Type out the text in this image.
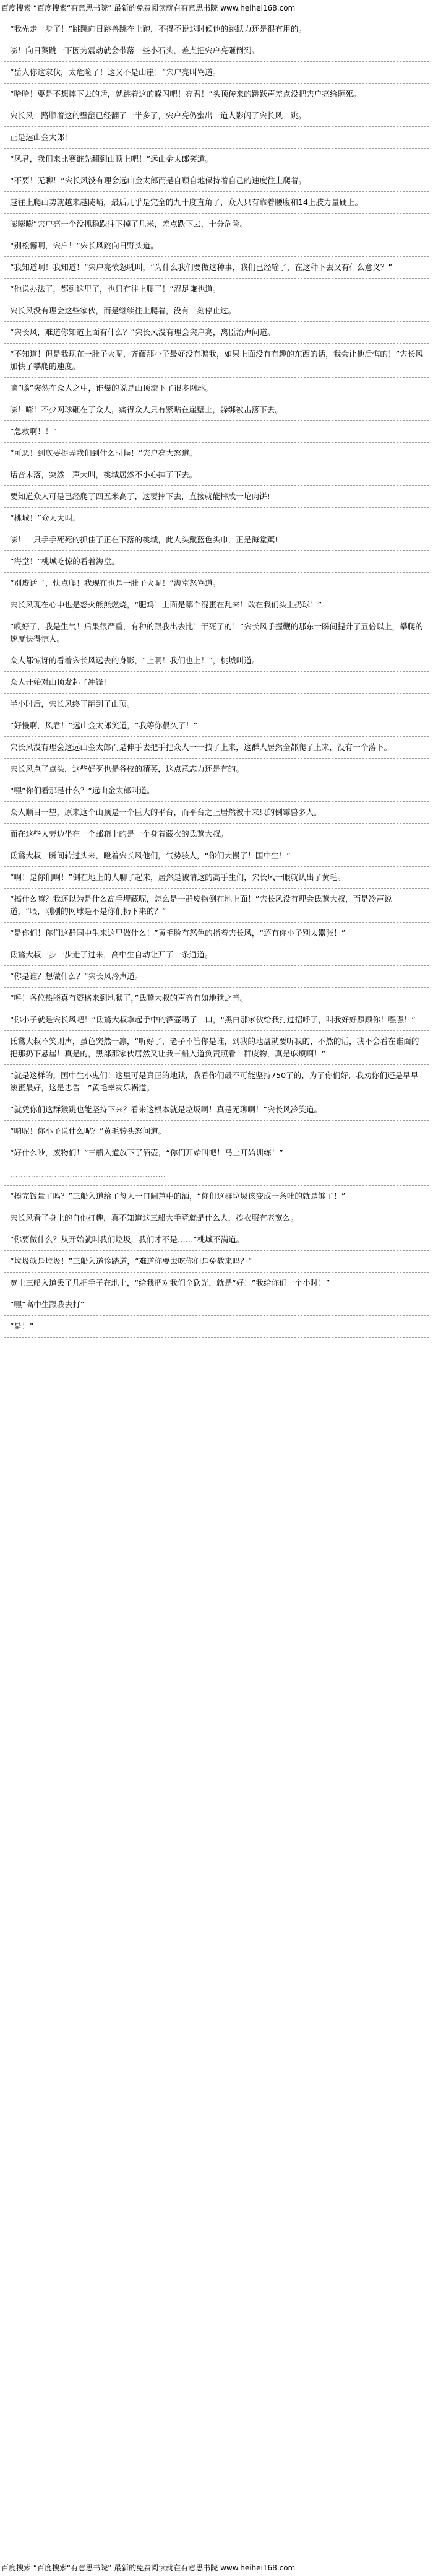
百度搜索 “百度搜索“有意思书院” 最新的免费阅读就在有意思书院 www.heihei168.com
“我先走一步了！”跳跳向日跳兽跳在上跑，不得不说这时候他的跳跃力还是很有用的。
嘭！向日葵跳一下因为震动就会带落一些小石头，差点把宍户亮砸倒到。
“岳人你这家伙，太危险了！这又不是山崖！”宍户亮叫骂道。
“哈哈！要是不想摔下去的话，就跳着这的躲闪吧！亮君！”头顶传来的跳跃声差点没把宍户亮给砸死。
宍长风一路顺着这的壁翻已经翻了一半多了，宍户亮仍蜜出一道人影闪了宍长风一跳。
正是远山金太郎!
“风君，我们来比赛谁先翻到山顶上吧！”远山金太郎笑道。
“不要！无聊！”宍长风没有理会远山金太郎而是自顾自地保持着自己的速度往上爬着。
越往上爬山势就越来越陡峭，最后几乎是完全的九十度直角了，众人只有靠着腰腹和14上肢力量硬上。
嘭嘭嘭”宍户亮一个没抓稳跌往下掉了几米，差点跌下去，十分危险。
“别松懈啊，宍户！”宍长风跳向日野头道。
“我知道啊！我知道！”宍户亮愤怒吼叫，“为什么我们要做这种事，我们已经输了，在这种下去又有什么意义？”
“他说办法了，都到这里了，也只有往上爬了！”忍足谦也道。
宍长风没有理会这些家伙，而是继续往上爬着，没有一刻停止过。
“宍长风，难道你知道上面有什么？”宍长风没有理会宍户亮，离臣治声问道。
“不知道！但是我现在一肚子火呢，齐藤那小子最好没有骗我，如果上面没有有趣的东西的话，我会让他后悔的！”宍长风加快了攀爬的速度。
嘀”嗡”突然在众人之中，谁爆的说是山顶滚下了很多网球。
嘭！嘭！不少网球砸在了众人，痛得众人只有紧贴在崖壁上，躲绑被击落下去。
“急救啊！！”
“可恶！到底要捉弄我们到什么时候！”宍户亮大怒道。
话音未落，突然一声大叫，桃城居然不小心掉了下去。
要知道众人可是已经爬了四五米高了，这要摔下去，直接就能摔成一坨肉饼!
“桃城！”众人大叫。
嘭！一只手手死死的抓住了正在下落的桃城，此人头戴蓝色头巾，正是海堂薰!
“海堂！”桃城吃惊的看着海堂。
“别废话了，快点爬！我现在也是一肚子火呢！”海堂怒骂道。
宍长风现在心中也是怒火熊熊燃烧，“肥鸡！上面是哪个混蛋在乱来！敢在我们头上扔球！”
“哎好了，我是生气！后果很严重，有种的跟我出去比！干死了的！”宍长风手握鞭的那东一瞬间提升了五倍以上，攀爬的速度快得惊人。
众人都惊讶的看着宍长风远去的身影，“上啊！我们也上！”，桃城叫道。
众人开始对山顶发起了冲锋!
半小时后，宍长风终于翻到了山顶。
“好慢啊，风君！”远山金太郎笑道，“我等你很久了！”
宍长风没有理会这远山金太郎而是伸手去把手把众人一一拽了上来，这群人居然全都爬了上来，没有一个落下。
宍长风点了点头，这些好歹也是各校的精英，这点意志力还是有的。
“嘿”你们看那是什么？”远山金太郎叫道。
众人顺目一望，原来这个山顶是一个巨大的平台，而平台之上居然被十来只的倒霉兽多人。
而在这些人旁边坐在一个邮箱上的是一个身着藏衣的氐鵞大叔。
氐鵞大叔一瞬间转过头来，瞪着宍长风他们，气势骇人，“你们大慢了！国中生！”
“啊！是你们啊！”倒在地上的人聊了起来，居然是被请这的高手生们，宍长风一眼就认出了黄毛。
“搞什么嘛？我还以为是什么高手埋藏呢，怎么是一群废物倒在地上面！”宍长风没有理会氐鵞大叔，而是冷声说道，“喂，刚刚的网球是不是你们扔下来的？”
“是你们！你们这群国中生来这里做什么！”黄毛脸有怒色的指着宍长风，“还有你小子别太嚣张！”
氐鵞大叔一步一步走了过来，高中生自动让开了一条通道。
“你是谁？想做什么？”宍长风冷声道。
“呼！各位热能真有资格来到地狱了，”氐鵞大叔的声音有如地狱之音。
“你小子就是宍长风吧！”氐鵞大叔拿起手中的酒壶喝了一口，“黑白那家伙给我打过招呼了，叫我好好照顾你！嘿嘿！”
氐鵞大叔不笑则声，虽色突然一凛，“听好了，老子不管你是谁，到我的地盘就要听我的，不然的话，我不会看在谁面的把那扔下悬崖！真是的，黑部那家伙居然又让我三船入道负责照看一群废物，真是麻烦啊！”
“就是这样的，国中生小鬼们！这里可是真正的地狱，我看你们最不可能坚持750了的，为了你们好，我劝你们还是早早滚蛋最好，这是忠告！”黄毛幸灾乐祸道。
“就凭你们这群猴跳也能坚持下来？看来这根本就是垃圾啊！真是无聊啊！”宍长风冷笑道。
“呐呢！你小子说什么呢？”黄毛转头怒问道。
“好什么吵，废物们！”三船入道放下了酒壶，“你们开始叫吧！马上开始训练！”
……………………………………………………
“挨完饭量了吗？”三船入道给了每人一口阔芦中的酒，“你们这群垃圾该变成一条吐的就是够了！”
宍长风看了身上的自他打趣，真不知道这三船大手竟就是什么人，挨衣服有老宽么。
“你要做什么？从开始就叫我们垃圾，我们才不是……”桃城不满道。
“垃圾就是垃圾！”三船入道诊踏道，“难道你要去吃你们是免教来吗？”
宽土三船入道丢了几把手子在地上，“给我把对我们全砍光，就是“好！”我给你们一个小时！”
“嘿”高中生跟我去打”
“是！”
百度搜索 “百度搜索“有意思书院” 最新的免费阅读就在有意思书院 www.heihei168.com
